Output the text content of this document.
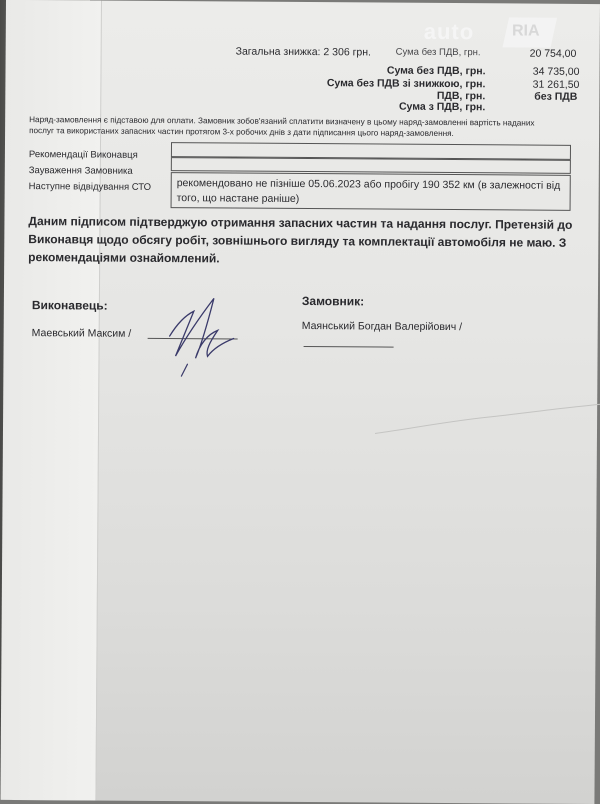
auto RIA
Загальна знижка: 2 306 грн.	Сума без ПДВ, грн.	20 754,00
Сума без ПДВ, грн.	34 735,00
Сума без ПДВ зі знижкою, грн.	31 261,50
ПДВ, грн.	без ПДВ
Сума з ПДВ, грн.
Наряд-замовлення є підставою для оплати. Замовник зобов'язаний сплатити визначену в цьому наряд-замовленні вартість наданих
послуг та використаних запасних частин протягом 3-х робочих днів з дати підписання цього наряд-замовлення.
Рекомендації Виконавця
Зауваження Замовника
Наступне відвідування СТО рекомендовано не пізніше 05.06.2023 або пробігу 190 352 км (в залежності від
того, що настане раніше)
Даним підписом підтверджую отримання запасних частин та надання послуг. Претензій до
Виконавця щодо обсягу робіт, зовнішнього вигляду та комплектації автомобіля не маю. З
рекомендаціями ознайомлений.
Виконавець:
Маевський Максим /
Замовник:
Маянський Богдан Валерійович /
